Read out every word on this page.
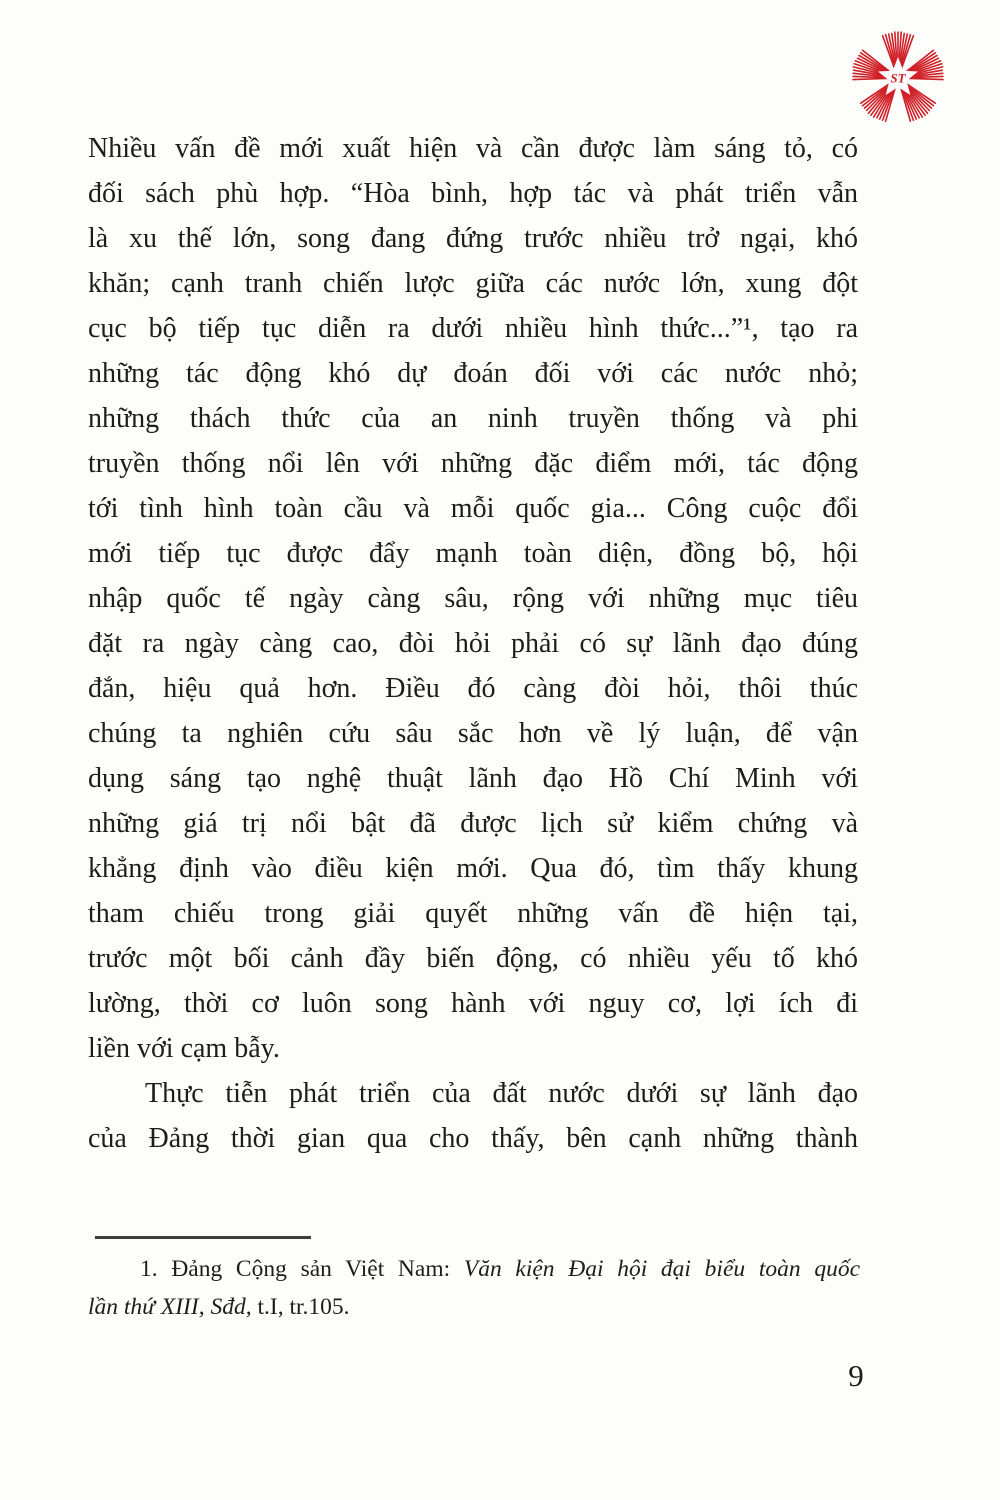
ST
Nhiều vấn đề mới xuất hiện và cần được làm sáng tỏ, có
đối sách phù hợp. “Hòa bình, hợp tác và phát triển vẫn
là xu thế lớn, song đang đứng trước nhiều trở ngại, khó
khăn; cạnh tranh chiến lược giữa các nước lớn, xung đột
cục bộ tiếp tục diễn ra dưới nhiều hình thức...”¹, tạo ra
những tác động khó dự đoán đối với các nước nhỏ;
những thách thức của an ninh truyền thống và phi
truyền thống nổi lên với những đặc điểm mới, tác động
tới tình hình toàn cầu và mỗi quốc gia... Công cuộc đổi
mới tiếp tục được đẩy mạnh toàn diện, đồng bộ, hội
nhập quốc tế ngày càng sâu, rộng với những mục tiêu
đặt ra ngày càng cao, đòi hỏi phải có sự lãnh đạo đúng
đắn, hiệu quả hơn. Điều đó càng đòi hỏi, thôi thúc
chúng ta nghiên cứu sâu sắc hơn về lý luận, để vận
dụng sáng tạo nghệ thuật lãnh đạo Hồ Chí Minh với
những giá trị nổi bật đã được lịch sử kiểm chứng và
khẳng định vào điều kiện mới. Qua đó, tìm thấy khung
tham chiếu trong giải quyết những vấn đề hiện tại,
trước một bối cảnh đầy biến động, có nhiều yếu tố khó
lường, thời cơ luôn song hành với nguy cơ, lợi ích đi
liền với cạm bẫy.
Thực tiễn phát triển của đất nước dưới sự lãnh đạo
của Đảng thời gian qua cho thấy, bên cạnh những thành
1. Đảng Cộng sản Việt Nam: Văn kiện Đại hội đại biểu toàn quốc
lần thứ XIII, Sđd, t.I, tr.105.
9
